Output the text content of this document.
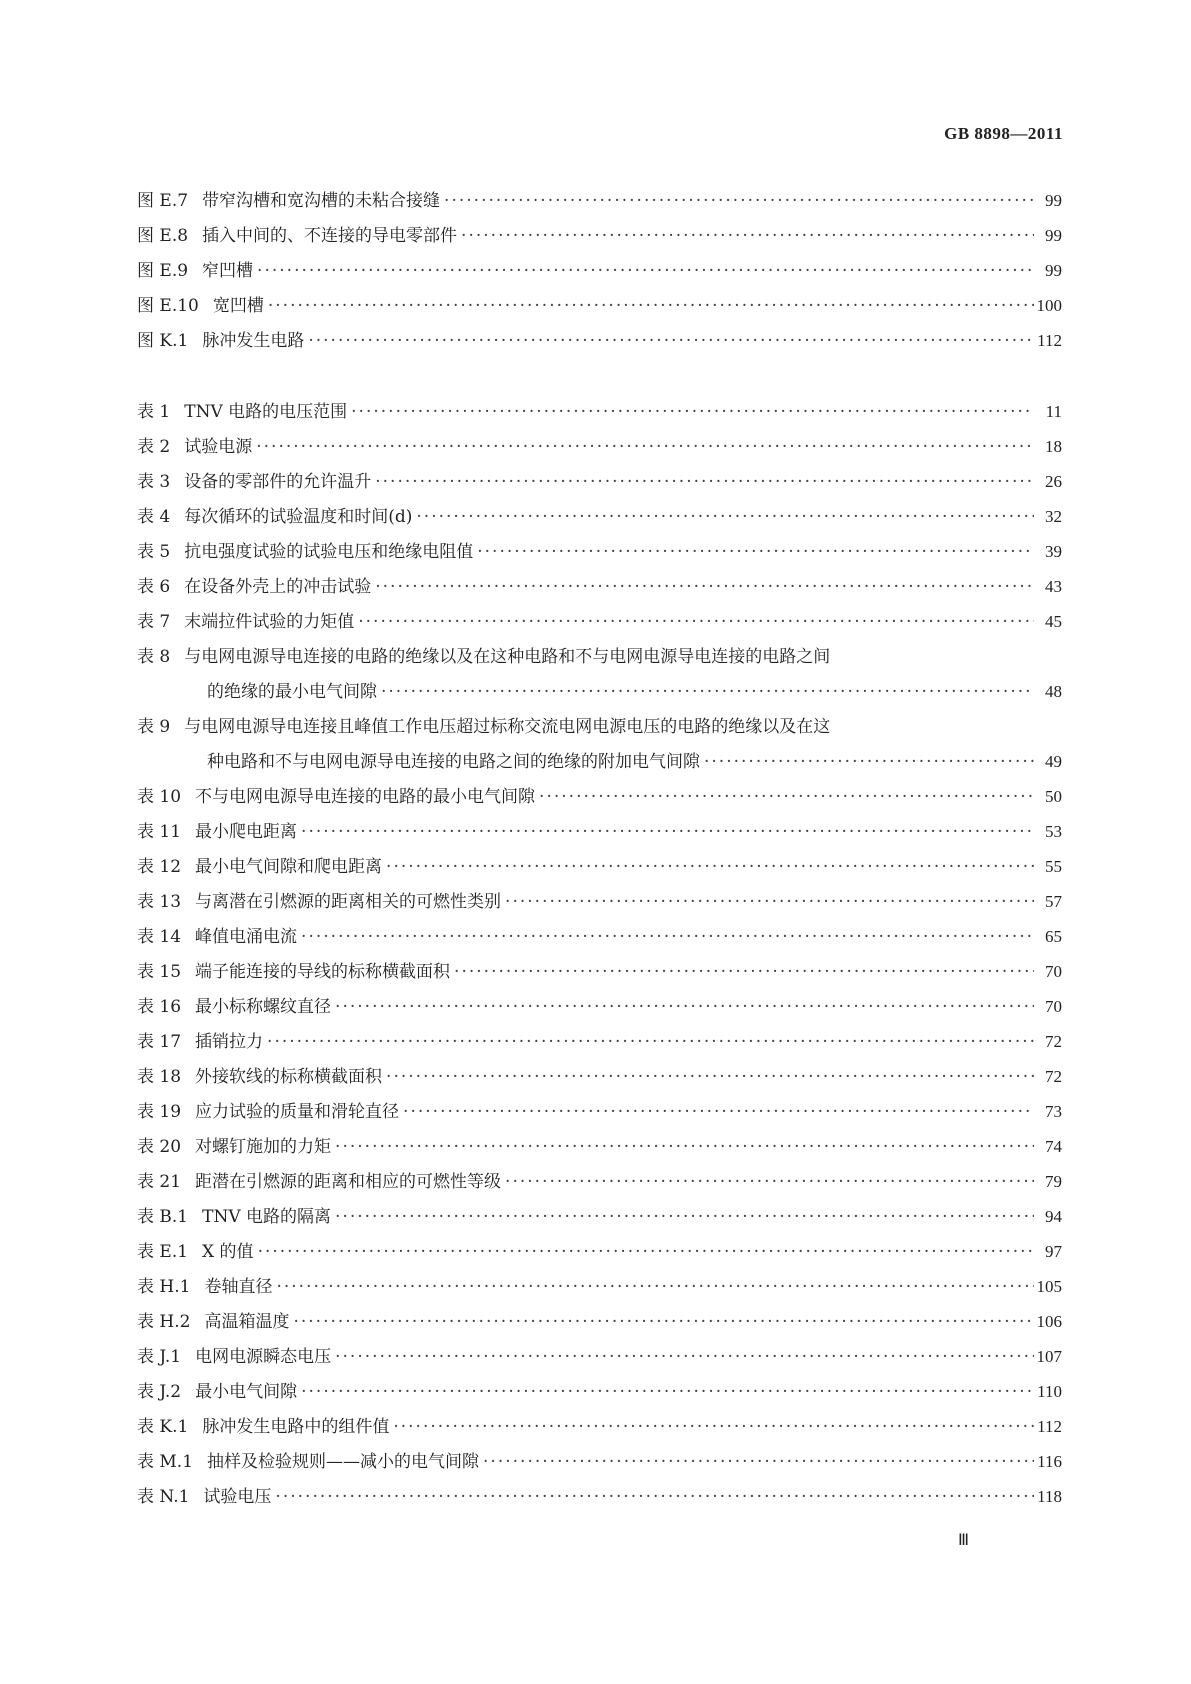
GB 8898—2011
图 E.7 带窄沟槽和宽沟槽的未粘合接缝 ·····	99
图 E.8 插入中间的、不连接的导电零部件 ·····	99
图 E.9 窄凹槽 ·····	99
图 E.10 宽凹槽 ·····	100
图 K.1 脉冲发生电路 ·····	112
表 1 TNV 电路的电压范围 ·····	11
表 2 试验电源 ·····	18
表 3 设备的零部件的允许温升 ·····	26
表 4 每次循环的试验温度和时间(d) ·····	32
表 5 抗电强度试验的试验电压和绝缘电阻值 ·····	39
表 6 在设备外壳上的冲击试验 ·····	43
表 7 末端拉件试验的力矩值 ·····	45
表 8 与电网电源导电连接的电路的绝缘以及在这种电路和不与电网电源导电连接的电路之间
的绝缘的最小电气间隙 ·····	48
表 9 与电网电源导电连接且峰值工作电压超过标称交流电网电源电压的电路的绝缘以及在这
种电路和不与电网电源导电连接的电路之间的绝缘的附加电气间隙 ·····	49
表 10 不与电网电源导电连接的电路的最小电气间隙 ·····	50
表 11 最小爬电距离 ·····	53
表 12 最小电气间隙和爬电距离 ·····	55
表 13 与离潜在引燃源的距离相关的可燃性类别 ·····	57
表 14 峰值电涌电流 ·····	65
表 15 端子能连接的导线的标称横截面积 ·····	70
表 16 最小标称螺纹直径 ·····	70
表 17 插销拉力 ·····	72
表 18 外接软线的标称横截面积 ·····	72
表 19 应力试验的质量和滑轮直径 ·····	73
表 20 对螺钉施加的力矩 ·····	74
表 21 距潜在引燃源的距离和相应的可燃性等级 ·····	79
表 B.1 TNV 电路的隔离 ·····	94
表 E.1 X 的值 ·····	97
表 H.1 卷轴直径 ·····	105
表 H.2 高温箱温度 ·····	106
表 J.1 电网电源瞬态电压 ·····	107
表 J.2 最小电气间隙 ·····	110
表 K.1 脉冲发生电路中的组件值 ·····	112
表 M.1 抽样及检验规则——减小的电气间隙 ·····	116
表 N.1 试验电压 ·····	118
Ⅲ
